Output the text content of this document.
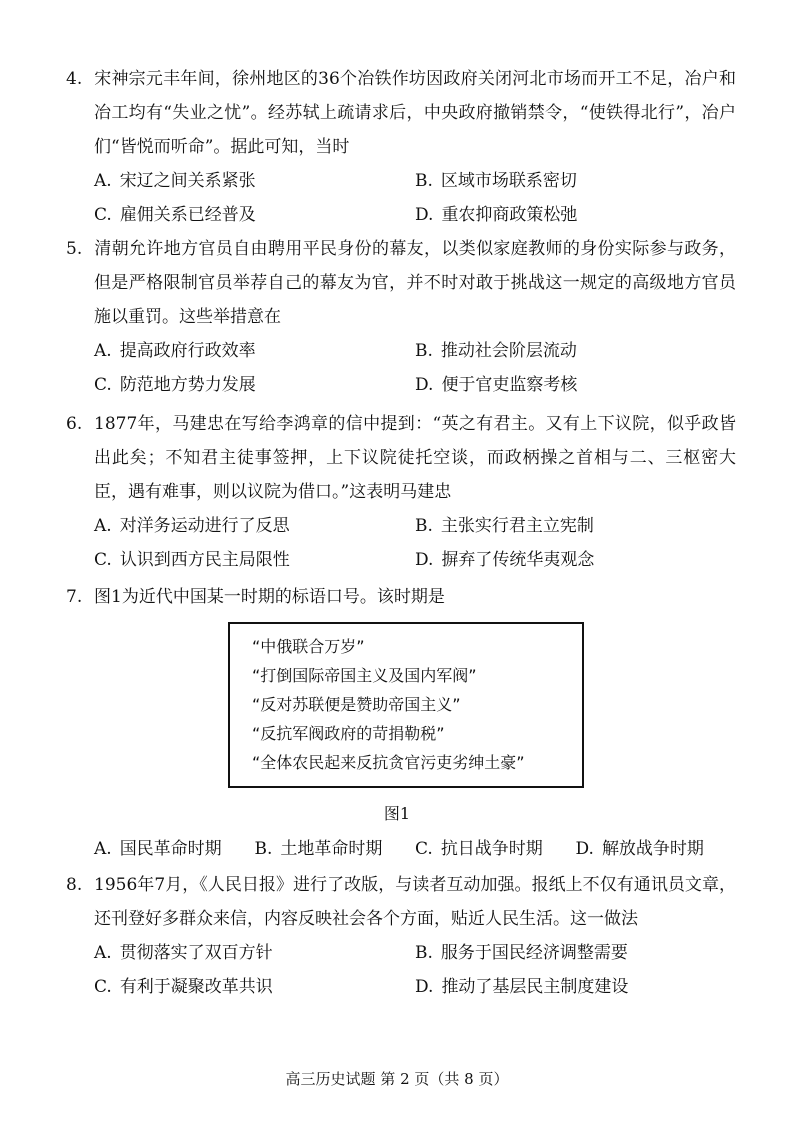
4. 宋神宗元丰年间，徐州地区的36个冶铁作坊因政府关闭河北市场而开工不足，冶户和冶工均有“失业之忧”。经苏轼上疏请求后，中央政府撤销禁令，“使铁得北行”，冶户们“皆悦而听命”。据此可知，当时

A. 宋辽之间关系紧张	B. 区域市场联系密切
C. 雇佣关系已经普及	D. 重农抑商政策松弛

5. 清朝允许地方官员自由聘用平民身份的幕友，以类似家庭教师的身份实际参与政务，但是严格限制官员举荐自己的幕友为官，并不时对敢于挑战这一规定的高级地方官员施以重罚。这些举措意在

A. 提高政府行政效率	B. 推动社会阶层流动
C. 防范地方势力发展	D. 便于官吏监察考核

6. 1877年，马建忠在写给李鸿章的信中提到：“英之有君主。又有上下议院，似乎政皆出此矣；不知君主徒事签押，上下议院徒托空谈，而政柄操之首相与二、三枢密大臣，遇有难事，则以议院为借口。”这表明马建忠

A. 对洋务运动进行了反思	B. 主张实行君主立宪制
C. 认识到西方民主局限性	D. 摒弃了传统华夷观念

7. 图1为近代中国某一时期的标语口号。该时期是

“中俄联合万岁”
“打倒国际帝国主义及国内军阀”
“反对苏联便是赞助帝国主义”
“反抗军阀政府的苛捐勒税”
“全体农民起来反抗贪官污吏劣绅土豪”
图1
A. 国民革命时期	B. 土地革命时期	C. 抗日战争时期	D. 解放战争时期

8. 1956年7月，《人民日报》进行了改版，与读者互动加强。报纸上不仅有通讯员文章，还刊登好多群众来信，内容反映社会各个方面，贴近人民生活。这一做法

A. 贯彻落实了双百方针	B. 服务于国民经济调整需要
C. 有利于凝聚改革共识	D. 推动了基层民主制度建设
高三历史试题 第 2 页（共 8 页）
